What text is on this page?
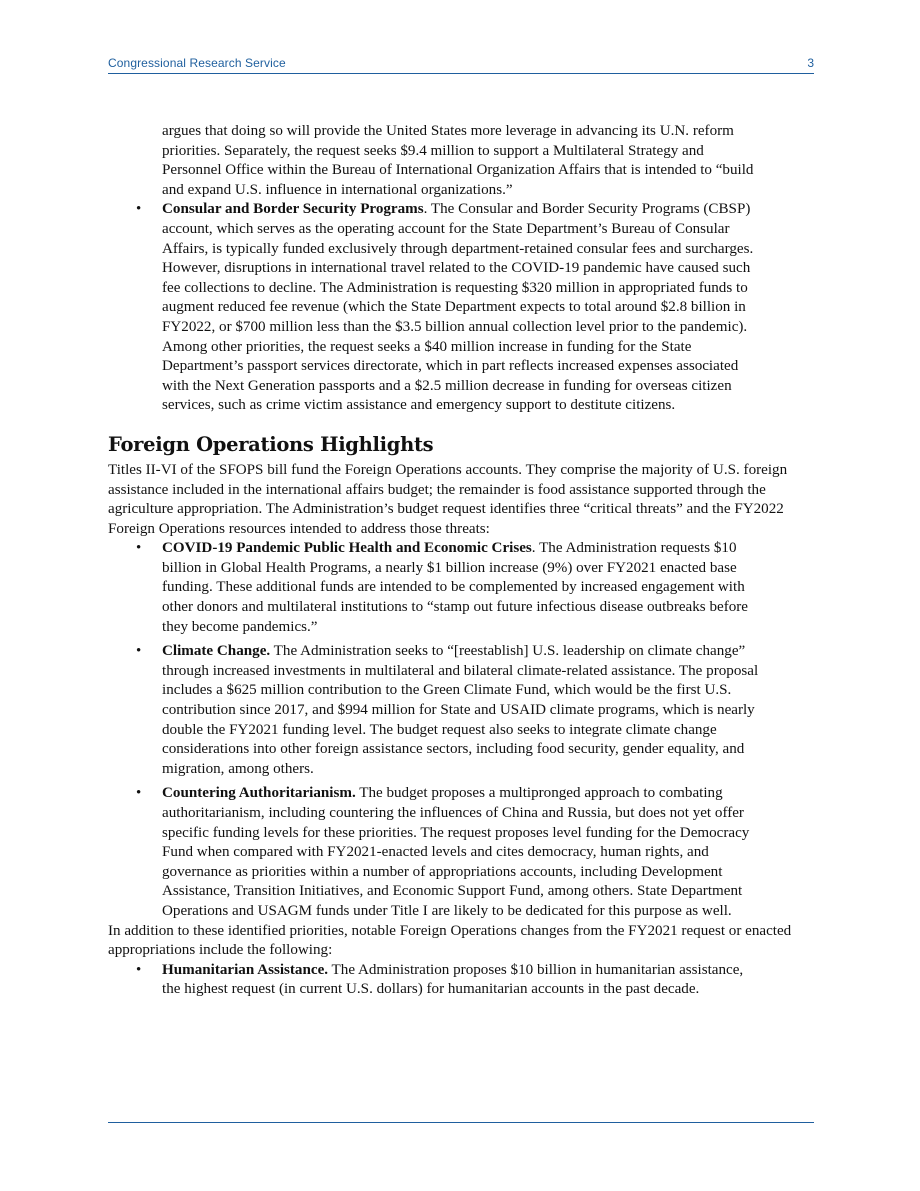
Congressional Research Service	3

argues that doing so will provide the United States more leverage in advancing its U.N. reform priorities. Separately, the request seeks $9.4 million to support a Multilateral Strategy and Personnel Office within the Bureau of International Organization Affairs that is intended to “build and expand U.S. influence in international organizations.”

• Consular and Border Security Programs. The Consular and Border Security Programs (CBSP) account, which serves as the operating account for the State Department’s Bureau of Consular Affairs, is typically funded exclusively through department-retained consular fees and surcharges. However, disruptions in international travel related to the COVID-19 pandemic have caused such fee collections to decline. The Administration is requesting $320 million in appropriated funds to augment reduced fee revenue (which the State Department expects to total around $2.8 billion in FY2022, or $700 million less than the $3.5 billion annual collection level prior to the pandemic). Among other priorities, the request seeks a $40 million increase in funding for the State Department’s passport services directorate, which in part reflects increased expenses associated with the Next Generation passports and a $2.5 million decrease in funding for overseas citizen services, such as crime victim assistance and emergency support to destitute citizens.
Foreign Operations Highlights

Titles II-VI of the SFOPS bill fund the Foreign Operations accounts. They comprise the majority of U.S. foreign assistance included in the international affairs budget; the remainder is food assistance supported through the agriculture appropriation. The Administration’s budget request identifies three “critical threats” and the FY2022 Foreign Operations resources intended to address those threats:

• COVID-19 Pandemic Public Health and Economic Crises. The Administration requests $10 billion in Global Health Programs, a nearly $1 billion increase (9%) over FY2021 enacted base funding. These additional funds are intended to be complemented by increased engagement with other donors and multilateral institutions to “stamp out future infectious disease outbreaks before they become pandemics.”
• Climate Change. The Administration seeks to “[reestablish] U.S. leadership on climate change” through increased investments in multilateral and bilateral climate-related assistance. The proposal includes a $625 million contribution to the Green Climate Fund, which would be the first U.S. contribution since 2017, and $994 million for State and USAID climate programs, which is nearly double the FY2021 funding level. The budget request also seeks to integrate climate change considerations into other foreign assistance sectors, including food security, gender equality, and migration, among others.
• Countering Authoritarianism. The budget proposes a multipronged approach to combating authoritarianism, including countering the influences of China and Russia, but does not yet offer specific funding levels for these priorities. The request proposes level funding for the Democracy Fund when compared with FY2021-enacted levels and cites democracy, human rights, and governance as priorities within a number of appropriations accounts, including Development Assistance, Transition Initiatives, and Economic Support Fund, among others. State Department Operations and USAGM funds under Title I are likely to be dedicated for this purpose as well.

In addition to these identified priorities, notable Foreign Operations changes from the FY2021 request or enacted appropriations include the following:

• Humanitarian Assistance. The Administration proposes $10 billion in humanitarian assistance, the highest request (in current U.S. dollars) for humanitarian accounts in the past decade.
